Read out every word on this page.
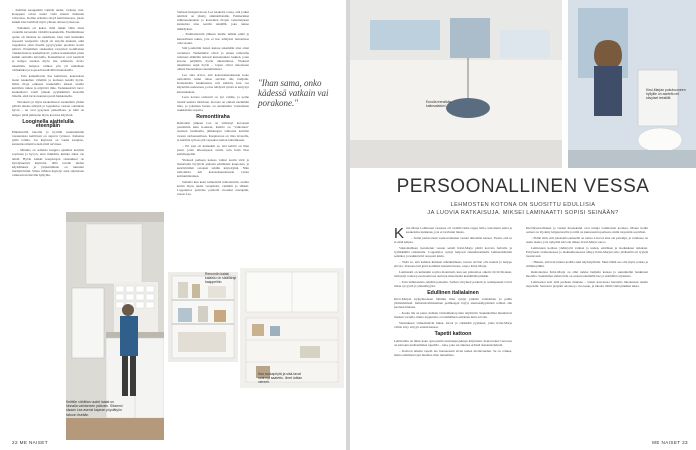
– Keittiön kaappeihin valitsin uudet, vaalean vesi. Kaappien ovista uudet vielä mustat mahtuiat vahvoissa. Kolme erilaista sävyä keittiötasossa, joista kaikki kivet kiitävät myös yhteen omaan työtasoon.

Vallankin oli keksi, mitä leikki välin tässä vaaleilla kevennän värisillä kaakeleilla. Ensimmäinen ajatus oli maalata ne uudelleen. Idea vetti kuitenkin nopeasti vesiperiin: värejä oli tarjolla niukasti, eikä lopputulos ollut maalin pysyvyyden puolesta kovin pätevä. Puremman rakkauden tarjosivat kotimaisen vinkkisivuston kaakelitarrat: joiden kaakeleiden pinta kaikki samoilla kuvioilla. Kaakelitarrat ovat kestäviä ja helppo asentaa myös itse tehtäessä. Arvio tekemään, helppoa vaihtaa yön yli uudelleen värikkäiksi ja nopeasti kestävällä muutoksella.

– Tein kaakelitarrat itse keittiössä, kokonaiset laatat kaakelien väleihin ja korkeus kestää hyvin. Omia tiloja erikseen kaakeleilla aikaan saatiin keittiöön raikas ja näyttävä ilme. Vedenkestävä tarra: kaakelitarra vaatii pinnan pyyhkimistä kosteilla liinalla, eikä tarraa kannata pestä hiekkaisella.

Tarrakatto ja myös kaakelitarrat asennettiin yhden päivän aikana tehtynä ja lopputulos vastasi odotuksia hyvin – ne ovat pysyneet paikoillaan, ja niitä on helppo pitää puhtaana myös kovassa käytössä.

Looginella ajattelulla eteenpäin

Ehkäisevillä ideoilla ja hyvällä suunnittelulla toteutetussa keittiössä on sujuvat työtasot. Kalustus pitää toimia. Jos käytössä on vanha kaapisto, kannattaa miettiä ensin mitä tarvitsee.

– Minulla on sellaista kaappia ajatellen keittiön sopivuus ja kyvyn, ettei minkään, kuinka aikaa vie tehdä. Hyvin kaikki kaapistojen sisustukset on hyödynnettyä käyttöön, tällä tavalla niiden käyttäminen ja järjestäminen on tuntunut miellyttävältä. Sitten vähiten käytetyt asiat sijoitetaan vaikeasti ulottuville hyllyille.

Samaan hengenvetoon Lea kaakeloi tonaa, että jotkut tehtävät on jätetty ammattilaisille. Esimerkiksi sähköasennukset ja kosteiden tilojen vesieristykset kannattaa aina teettää tekijällä, joka tuntee määräykset.

– Putkiremontin jälkeen meille tulikin pitkä ja kunnollinen takuu, jota ei itse tehdyssä remontissa olisi saanut.

Sitä jouduttiin lasten kanssa tekemään aina omat varaukset. Vanhemmat olivat jo ennen remonttia tottuneet elämään tarkasti kustannuksia laskien, joten kotona pärjättiin hyvin aikataulussa. Yhdessä tekeminen sujui hyvin – lapset olivat innoissaan omien huoneidensa suunnittelusta.

Lea oma arvioi, että kokonaisuudessaan koko remonttiin kului rahaa selvästi alle budjetin. Kalusteiden hankinnassa tuli säästöä, kun osa käytettiin uudestaan, ja itse tehdystä työstä ei kertynyt kustannuksia.

Leon kotona remontti on nyt valmis, ja perhe nauttii uusista tiloistaan. Kotona on entistä enemmän tilaa, ja jokainen huone on suunniteltu vastaamaan asukkaiden tarpeita.

Remonttiraha

Remontin jälkeen Lea on viihtynyt kotonaan paremmin kuin koskaan. Keittiö on "valkoinen" tasaisen lasimaalla, jäiikkaappi valkoista keittiön avaran olohuonetilaan. Kaapistossa on tilaa tavaralle, ja keittiön työtaso jää vapaaksi aterian laittamiseen.

– Eri asia oli kuitenkin se, että keittiö on liian pieni, joten ulkotarpeen avulla sain lisää tilaa kahvikupeille.

Yhdessä perheen kanssa valitut kodin värit ja materiaalit löytyivät pääosin edullisista kaupoista, ja kestävimmät ostokset tehtiin käytettyinä. Näin remontista tuli kokonaisuudessaan varsin kohtuuhintainen.

Samalla kun koko kiinteistöä remontoitiin, saatiin kotiin myös uudet vesijohdot, viemärit ja sähköt. Lopputulos palvelee perhettä vuosiksi eteenpäin, toteaa Lea.

"Ihan sama, onko kädessä vatkain vai porakone."
Keittiön vähitilan uudet laatat on hinnalla vaihtaneen pääosin. Siksensi sisaan Lea asensi kapean pöydätyön taboon itseään.
Remontin kalain kalaistu on sisällänyt kaappeihin.
Kun ruokapöytä ja sisä-tavat ovat nyt saatettu. Ilmet lattian viereen.
22 ME NAISET
Eurolla trendikäs kattovalaisin!
Kirsi-Marjan pukuhuoneen hyllyille on aseteltu eri sävyiset tekstiilit.
PERSOONALLINEN VESSA
LEHMOSTEN KOTONA ON SUOSITTU EDULLISIA
JA LUOVIA RATKAISUJA. MIKSEI LAMINAATTI SOPISI SEINÄÄN?

Kirsi-Marja Lehmosen vessassa oli vedellä ruma rappu lattia, laatoitettu seinä ja kaakeloitu nurkkaus, jota ei tarvinnut lakata.

– Seinä joutui ensin vastaavanlaisen vessan ulkonäön kanssa. Tiesin, että se ei enää kelpaa.

Vakiomallisen laatoitetun vessan seinät Kirsi-Marja päätti korvata halvalla ja tyylikkäällä ratkaisulla. Lopputulos syntyi helposti suunnittelemalla laminaattilattiat seinäksi, ja kaikki kävi nopeasti käsin.

– Vielä se, että kahden ihmisen näkökulmasta vessan tarvitsi olla kaunis ja helppo siivota. Vessasta tuli juuri kotimme kaunein huone, sanoo Kirsi-Marja.

Laminaatti on kuitenkin sopiva materiaali, kun sen pinnoittaa oikein: tiiviit liitokset, tiivistetyt reunat ja kuivasiivous auttavat materiaalia kestämään pitkään.

– Tein laminaatista seinään paneelin. Saman sävyinen parketti ja seinäpaneeli toivat tilaan syvyyttä ja yhtenäisyyttä.

Edullinen italialainen

Kirsi-Marjan kylpyhuoneen lämmin ilme syntyi pitkälti valaisimen ja peilin yhdistelmästä. Italialaisvalmisteinen peilikaappi löytyi alennusmyynnistä reilusti alle puoleen hintaan.

– Koska tila on pieni, halusin valaisimeksi jotain näyttävää. Suunnitelmat muuttuivat matkan varrella, mutta lopputulos on täsmälleen sellainen kuin toivoin.

Sisustuksen viimeistelivät kukat, kuvat ja värikkäät pyyhkeet, jotka Kirsi-Marja valitsi sävy sävyyn seinän kanssa.

Tapetit kattoon

Lehmosilla on lähes koko ajan pieniä sisustusprojekteja käynnissä. Seuraavaksi vuorossa on kattojen uudistaminen tapetilla – idea, joka sai alkunsa eräästä sisustuslehdestä.

– Kattoon laitettu tapetti tuo huoneeseen aivan uuden ulottuvuuden. Se on rohkea, mutta edullinen tapa muuttaa tilan tunnelmaa.

Kierrätystarvikkeet ja vanhat huonekalut ovat tuttuja Lehmosten kodissa. Monet kodin aarteet on löydetty kirpputoreilta ja niitä on kunnostettu perheen omiin tarpeisiin sopiviksi.

– Pidän siitä, että jokaisella esineellä on tarina. Uusi ei aina ole parempi, ja vanhassa on usein laatua, jota nykyään harvoin näkee, Kirsi-Marja sanoo.

Lehmosten kodissa yhdistyvät vanhan ja uuden, edullisen ja laadukkaan ratkaisut. Erityisesti olohuoneessa ja makuuhuoneessa näkyy Kirsi-Marjan taito yhdistellä eri tyylejä luontevasti.

– Haluan, että koti tuntuu kodilta eikä näyttelytilalta. Siksi täällä saa olla myös sotkua ja elämän jälkiä.

Remonteissa Kirsi-Marja on ollut tarkka budjetin kanssa ja suunnitellut hankinnat huolella. Suurimmat säästöt hän on saanut tekemällä itse ja etsimällä tarjouksia.

Lehmosten koti elää perheen mukana – lasten kasvaessa huoneita muokataan uusiin tarpeisiin. Seuraava projekti odottaa jo vuoroaan, ja ideoita riittää vielä pitkäksi aikaa.

ME NAISET 23
